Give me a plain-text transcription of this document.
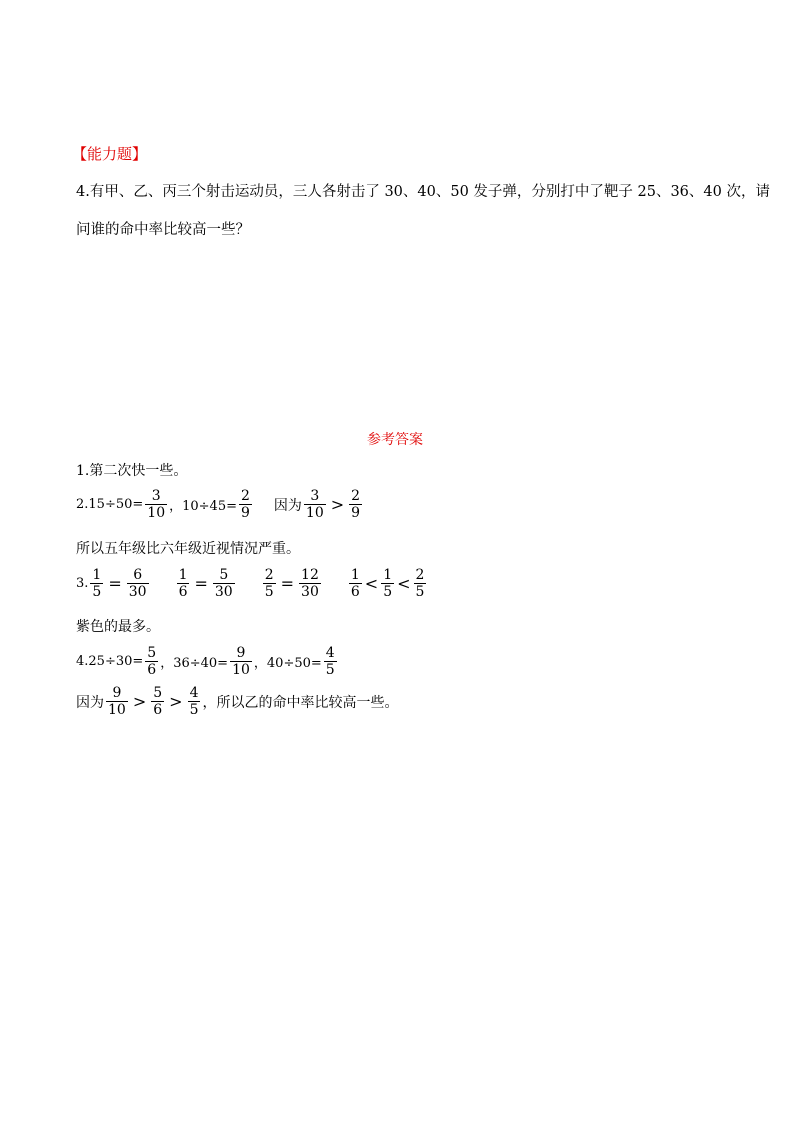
【能力题】
4.有甲、乙、丙三个射击运动员，三人各射击了 30、40、50 发子弹，分别打中了靶子 25、36、40 次，请
问谁的命中率比较高一些？
参考答案
1.第二次快一些。
$2.15\div 50= \frac{3}{10}$ ，$10\div 45= \frac{2}{9}$ 因为 $\frac{3}{10} > \frac{2}{9}$
所以五年级比六年级近视情况严重。
3. $\frac{1}{5} = \frac{6}{30} \frac{1}{6} = \frac{5}{30} \frac{2}{5} = \frac{12}{30} \frac{1}{6} < \frac{1}{5} < \frac{2}{5}$
紫色的最多。
$4.25\div 30= \frac{5}{6}$ ，$36\div 40= \frac{9}{10}$ ，$40\div 50= \frac{4}{5}$
因为 $\frac{9}{10} > \frac{5}{6} > \frac{4}{5}$ ，所以乙的命中率比较高一些。
